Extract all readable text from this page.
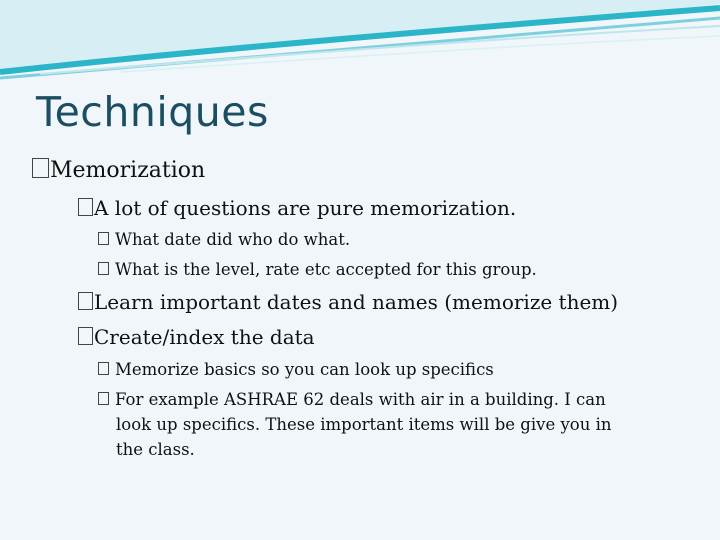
Techniques
Memorization
A lot of questions are pure memorization.
What date did who do what.
What is the level, rate etc accepted for this group.
Learn important dates and names (memorize them)
Create/index the data
Memorize basics so you can look up specifics
For example ASHRAE 62 deals with air in a building. I can
look up specifics. These important items will be give you in
the class.
